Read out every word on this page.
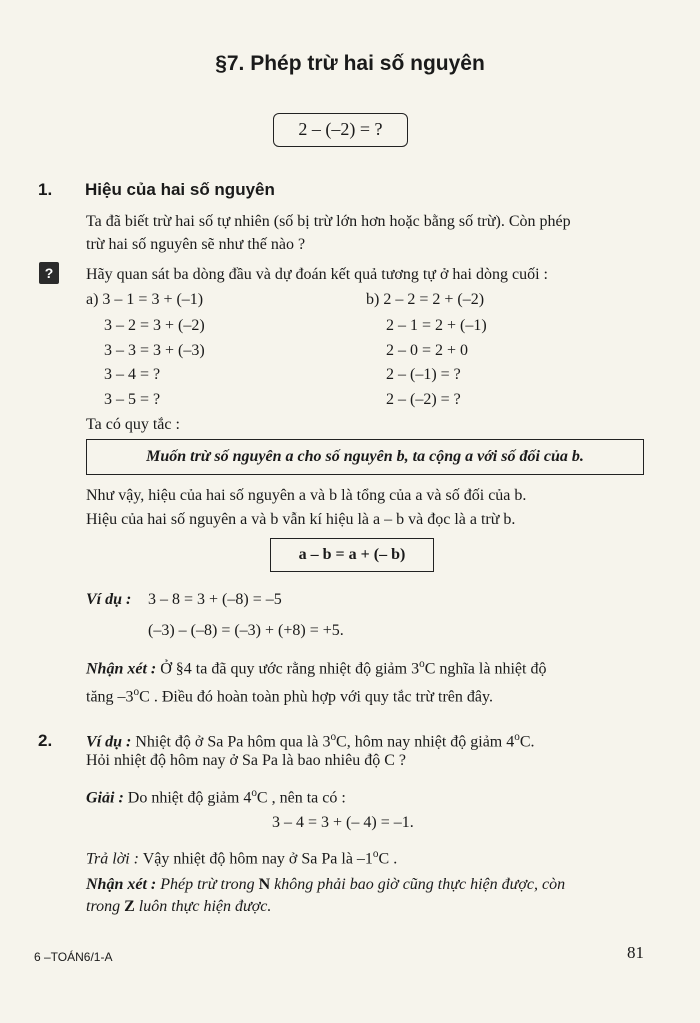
§7. Phép trừ hai số nguyên
2 – (–2) = ?
1. Hiệu của hai số nguyên
Ta đã biết trừ hai số tự nhiên (số bị trừ lớn hơn hoặc bằng số trừ). Còn phép
trừ hai số nguyên sẽ như thế nào ?
?	Hãy quan sát ba dòng đầu và dự đoán kết quả tương tự ở hai dòng cuối :
a) 3 – 1 = 3 + (–1)
3 – 2 = 3 + (–2)
3 – 3 = 3 + (–3)
3 – 4 = ?
3 – 5 = ?
b) 2 – 2 = 2 + (–2)
2 – 1 = 2 + (–1)
2 – 0 = 2 + 0
2 – (–1) = ?
2 – (–2) = ?
Ta có quy tắc :
Muốn trừ số nguyên a cho số nguyên b, ta cộng a với số đối của b.
Như vậy, hiệu của hai số nguyên a và b là tổng của a và số đối của b.
Hiệu của hai số nguyên a và b vẫn kí hiệu là a – b và đọc là a trừ b.
a – b = a + (– b)
Ví dụ : 3 – 8 = 3 + (–8) = –5
(–3) – (–8) = (–3) + (+8) = +5.
Nhận xét : Ở §4 ta đã quy ước rằng nhiệt độ giảm 3$^o$C nghĩa là nhiệt độ
tăng –3$^o$C . Điều đó hoàn toàn phù hợp với quy tắc trừ trên đây.
2. Ví dụ : Nhiệt độ ở Sa Pa hôm qua là 3$^o$C, hôm nay nhiệt độ giảm 4$^o$C.
Hỏi nhiệt độ hôm nay ở Sa Pa là bao nhiêu độ C ?
Giải : Do nhiệt độ giảm 4$^o$C , nên ta có :
3 – 4 = 3 + (– 4) = –1.
Trả lời : Vậy nhiệt độ hôm nay ở Sa Pa là –1$^o$C .
Nhận xét : Phép trừ trong N không phải bao giờ cũng thực hiện được, còn
trong Z luôn thực hiện được.
6 –TOÁN6/1-A	81
